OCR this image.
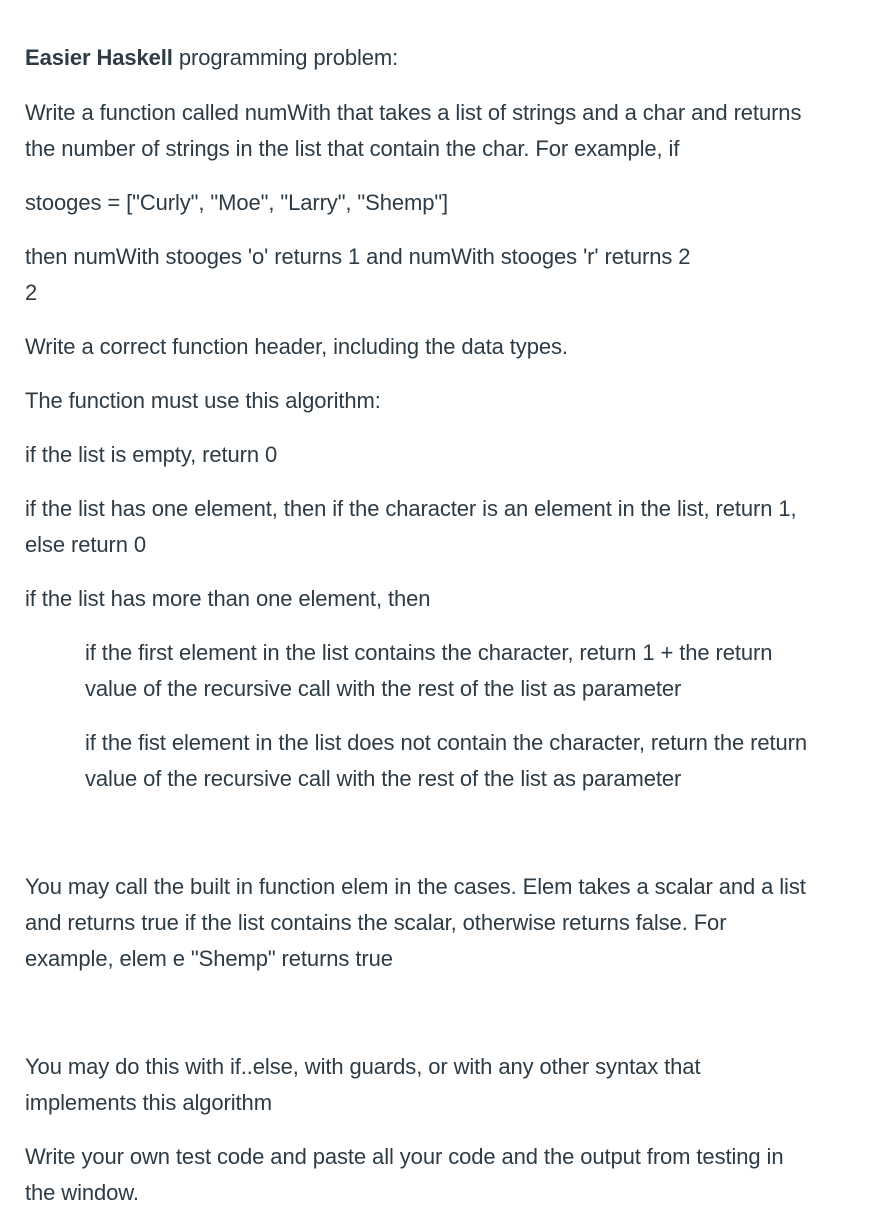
Easier Haskell programming problem:
Write a function called numWith that takes a list of strings and a char and returns
the number of strings in the list that contain the char. For example, if
stooges = ["Curly", "Moe", "Larry", "Shemp"]
then numWith stooges 'o' returns 1 and numWith stooges 'r' returns 2
2
Write a correct function header, including the data types.
The function must use this algorithm:
if the list is empty, return 0
if the list has one element, then if the character is an element in the list, return 1,
else return 0
if the list has more than one element, then
if the first element in the list contains the character, return 1 + the return
value of the recursive call with the rest of the list as parameter
if the fist element in the list does not contain the character, return the return
value of the recursive call with the rest of the list as parameter
You may call the built in function elem in the cases. Elem takes a scalar and a list
and returns true if the list contains the scalar, otherwise returns false. For
example, elem e "Shemp" returns true
You may do this with if..else, with guards, or with any other syntax that
implements this algorithm
Write your own test code and paste all your code and the output from testing in
the window.
